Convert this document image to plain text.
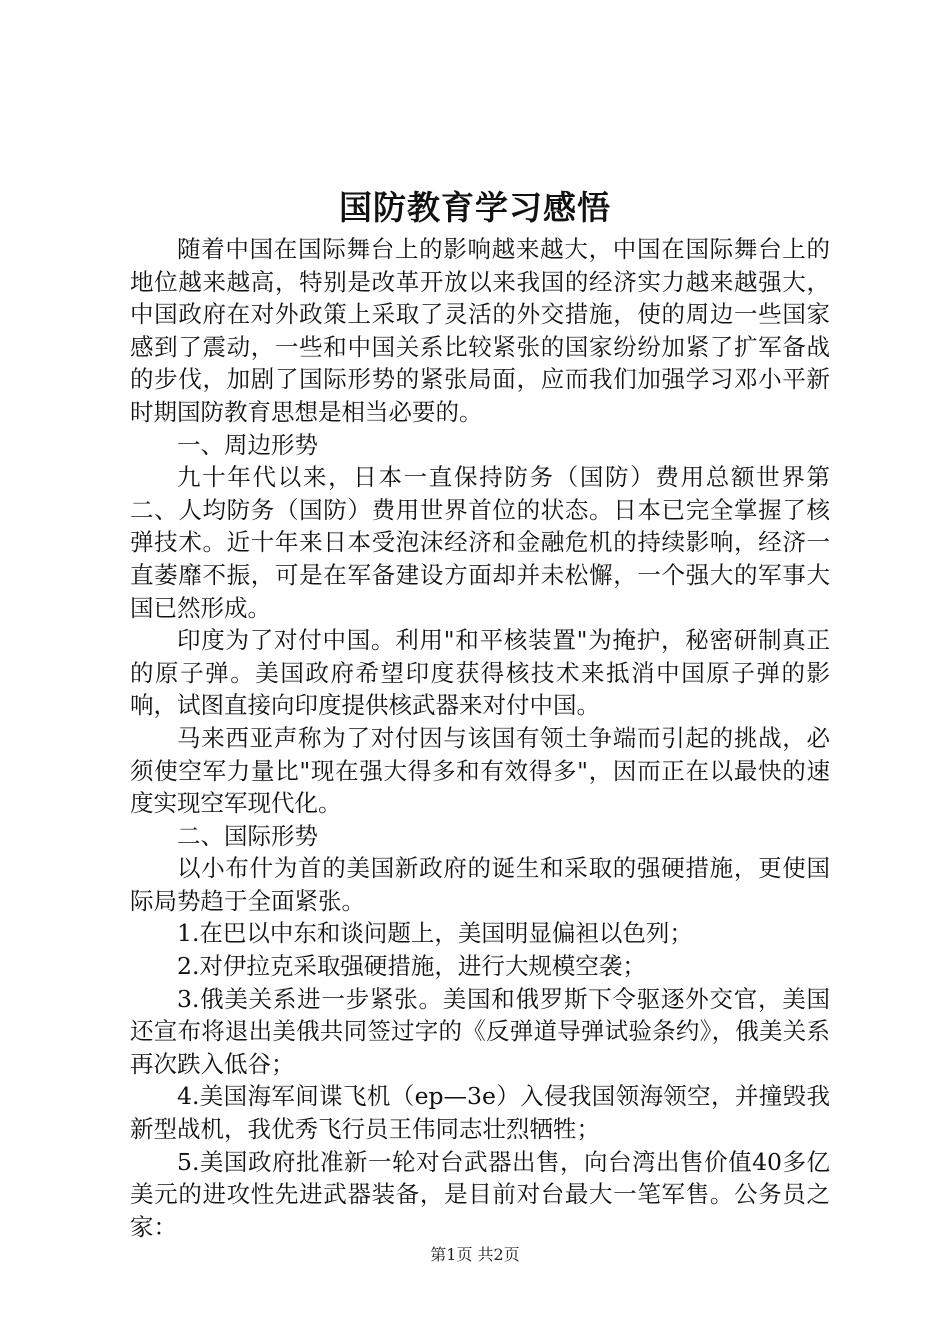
国防教育学习感悟

随着中国在国际舞台上的影响越来越大，中国在国际舞台上的地位越来越高，特别是改革开放以来我国的经济实力越来越强大，中国政府在对外政策上采取了灵活的外交措施，使的周边一些国家感到了震动，一些和中国关系比较紧张的国家纷纷加紧了扩军备战的步伐，加剧了国际形势的紧张局面，应而我们加强学习邓小平新时期国防教育思想是相当必要的。

一、周边形势

九十年代以来，日本一直保持防务（国防）费用总额世界第二、人均防务（国防）费用世界首位的状态。日本已完全掌握了核弹技术。近十年来日本受泡沫经济和金融危机的持续影响，经济一直萎靡不振，可是在军备建设方面却并未松懈，一个强大的军事大国已然形成。

印度为了对付中国。利用"和平核装置"为掩护，秘密研制真正的原子弹。美国政府希望印度获得核技术来抵消中国原子弹的影响，试图直接向印度提供核武器来对付中国。

马来西亚声称为了对付因与该国有领土争端而引起的挑战，必须使空军力量比"现在强大得多和有效得多"，因而正在以最快的速度实现空军现代化。

二、国际形势

以小布什为首的美国新政府的诞生和采取的强硬措施，更使国际局势趋于全面紧张。

1.在巴以中东和谈问题上，美国明显偏袒以色列；

2.对伊拉克采取强硬措施，进行大规模空袭；

3.俄美关系进一步紧张。美国和俄罗斯下令驱逐外交官，美国还宣布将退出美俄共同签过字的《反弹道导弹试验条约》，俄美关系再次跌入低谷；

4.美国海军间谍飞机（ep—3e）入侵我国领海领空，并撞毁我新型战机，我优秀飞行员王伟同志壮烈牺牲；

5.美国政府批准新一轮对台武器出售，向台湾出售价值40多亿美元的进攻性先进武器装备，是目前对台最大一笔军售。公务员之家：

第1页 共2页
